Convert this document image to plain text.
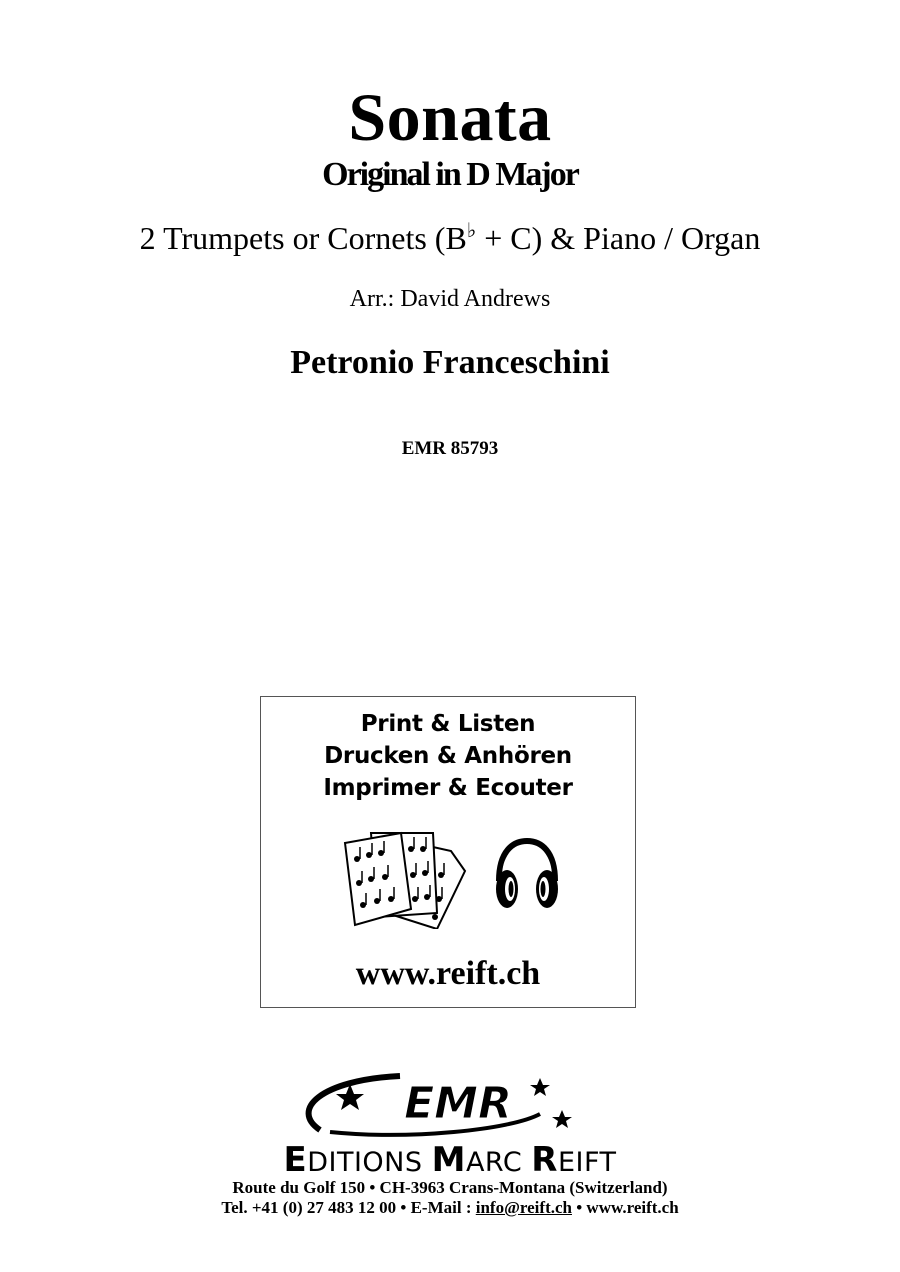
Sonata
Original in D Major
2 Trumpets or Cornets (B♭ + C) & Piano / Organ
Arr.: David Andrews
Petronio Franceschini
EMR 85793
Print & Listen
Drucken & Anhören
Imprimer & Ecouter
www.reift.ch
EMR
EDITIONS MARC REIFT
Route du Golf 150 • CH-3963 Crans-Montana (Switzerland)
Tel. +41 (0) 27 483 12 00 • E-Mail : info@reift.ch • www.reift.ch
